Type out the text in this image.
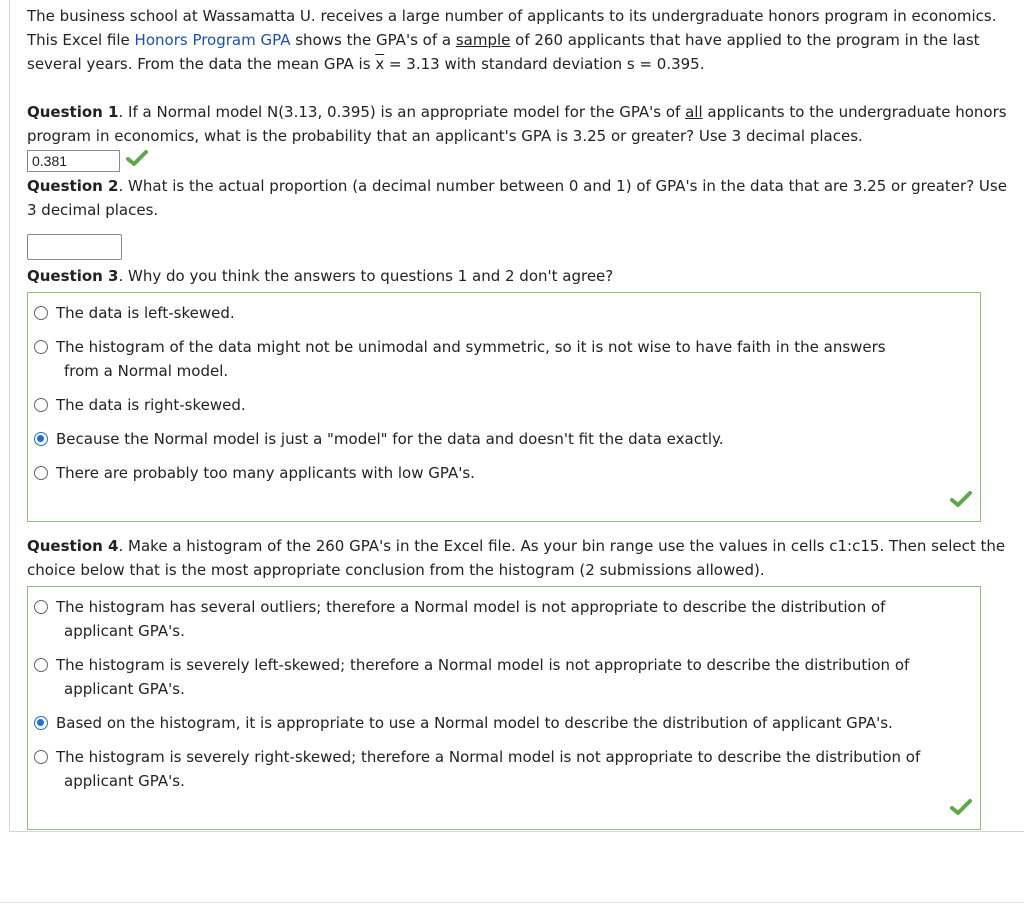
The business school at Wassamatta U. receives a large number of applicants to its undergraduate honors program in economics. This Excel file Honors Program GPA shows the GPA's of a sample of 260 applicants that have applied to the program in the last several years. From the data the mean GPA is $\overline{x} = 3.13$ with standard deviation s = 0.395.

Question 1. If a Normal model N(3.13, 0.395) is an appropriate model for the GPA's of all applicants to the undergraduate honors program in economics, what is the probability that an applicant's GPA is 3.25 or greater? Use 3 decimal places.

0.381

Question 2. What is the actual proportion (a decimal number between 0 and 1) of GPA's in the data that are 3.25 or greater? Use 3 decimal places.

Question 3. Why do you think the answers to questions 1 and 2 don't agree?

The data is left-skewed.
The histogram of the data might not be unimodal and symmetric, so it is not wise to have faith in the answers
from a Normal model.
The data is right-skewed.
Because the Normal model is just a "model" for the data and doesn't fit the data exactly.
There are probably too many applicants with low GPA's.

Question 4. Make a histogram of the 260 GPA's in the Excel file. As your bin range use the values in cells c1:c15. Then select the choice below that is the most appropriate conclusion from the histogram (2 submissions allowed).

The histogram has several outliers; therefore a Normal model is not appropriate to describe the distribution of
applicant GPA's.
The histogram is severely left-skewed; therefore a Normal model is not appropriate to describe the distribution of
applicant GPA's.
Based on the histogram, it is appropriate to use a Normal model to describe the distribution of applicant GPA's.
The histogram is severely right-skewed; therefore a Normal model is not appropriate to describe the distribution of
applicant GPA's.
